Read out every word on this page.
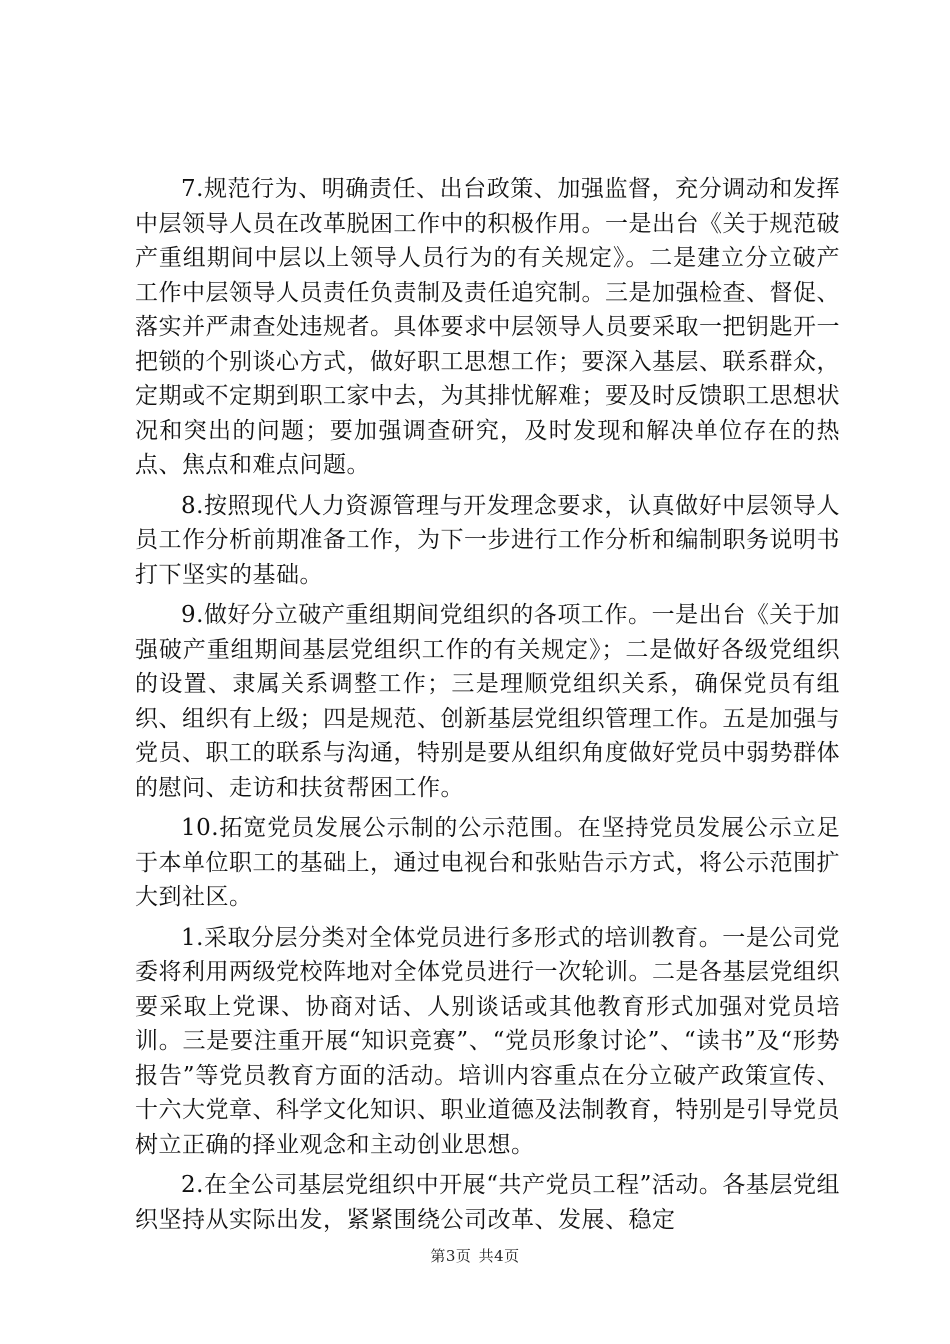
7.规范行为、明确责任、出台政策、加强监督，充分调动和发挥中层领导人员在改革脱困工作中的积极作用。一是出台《关于规范破产重组期间中层以上领导人员行为的有关规定》。二是建立分立破产工作中层领导人员责任负责制及责任追究制。三是加强检查、督促、落实并严肃查处违规者。具体要求中层领导人员要采取一把钥匙开一把锁的个别谈心方式，做好职工思想工作；要深入基层、联系群众，定期或不定期到职工家中去，为其排忧解难；要及时反馈职工思想状况和突出的问题；要加强调查研究，及时发现和解决单位存在的热点、焦点和难点问题。

8.按照现代人力资源管理与开发理念要求，认真做好中层领导人员工作分析前期准备工作，为下一步进行工作分析和编制职务说明书打下坚实的基础。

9.做好分立破产重组期间党组织的各项工作。一是出台《关于加强破产重组期间基层党组织工作的有关规定》；二是做好各级党组织的设置、隶属关系调整工作；三是理顺党组织关系，确保党员有组织、组织有上级；四是规范、创新基层党组织管理工作。五是加强与党员、职工的联系与沟通，特别是要从组织角度做好党员中弱势群体的慰问、走访和扶贫帮困工作。

10.拓宽党员发展公示制的公示范围。在坚持党员发展公示立足于本单位职工的基础上，通过电视台和张贴告示方式，将公示范围扩大到社区。

1.采取分层分类对全体党员进行多形式的培训教育。一是公司党委将利用两级党校阵地对全体党员进行一次轮训。二是各基层党组织要采取上党课、协商对话、人别谈话或其他教育形式加强对党员培训。三是要注重开展“知识竞赛”、“党员形象讨论”、“读书”及“形势报告”等党员教育方面的活动。培训内容重点在分立破产政策宣传、十六大党章、科学文化知识、职业道德及法制教育，特别是引导党员树立正确的择业观念和主动创业思想。

2.在全公司基层党组织中开展“共产党员工程”活动。各基层党组织坚持从实际出发，紧紧围绕公司改革、发展、稳定

第3页 共4页
